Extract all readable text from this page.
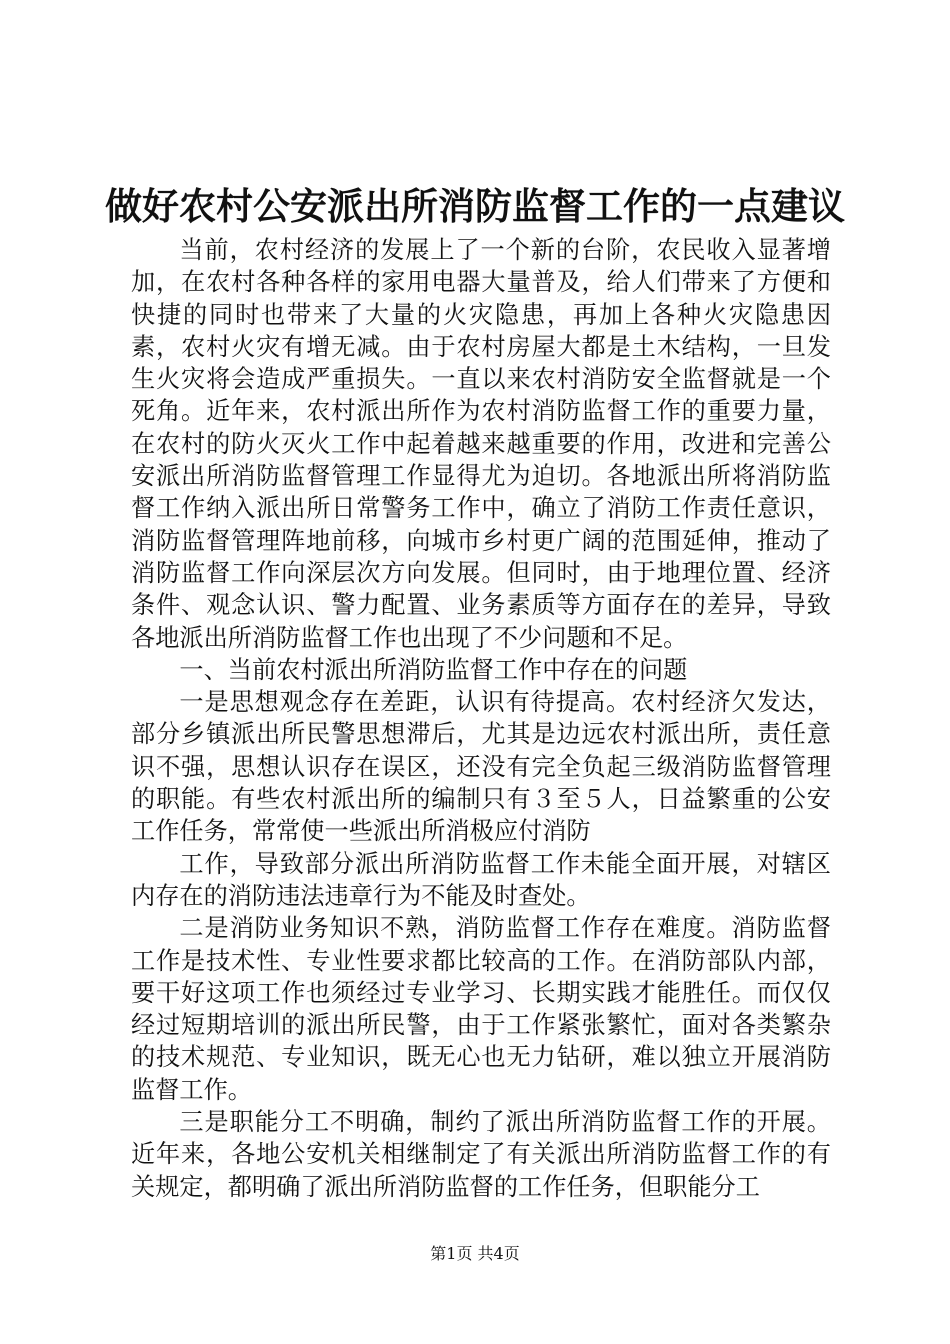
做好农村公安派出所消防监督工作的一点建议

当前，农村经济的发展上了一个新的台阶，农民收入显著增加，在农村各种各样的家用电器大量普及，给人们带来了方便和快捷的同时也带来了大量的火灾隐患，再加上各种火灾隐患因素，农村火灾有增无减。由于农村房屋大都是土木结构，一旦发生火灾将会造成严重损失。一直以来农村消防安全监督就是一个死角。近年来，农村派出所作为农村消防监督工作的重要力量，在农村的防火灭火工作中起着越来越重要的作用，改进和完善公安派出所消防监督管理工作显得尤为迫切。各地派出所将消防监督工作纳入派出所日常警务工作中，确立了消防工作责任意识，消防监督管理阵地前移，向城市乡村更广阔的范围延伸，推动了消防监督工作向深层次方向发展。但同时，由于地理位置、经济条件、观念认识、警力配置、业务素质等方面存在的差异，导致各地派出所消防监督工作也出现了不少问题和不足。

一、当前农村派出所消防监督工作中存在的问题

一是思想观念存在差距，认识有待提高。农村经济欠发达，部分乡镇派出所民警思想滞后，尤其是边远农村派出所，责任意识不强，思想认识存在误区，还没有完全负起三级消防监督管理的职能。有些农村派出所的编制只有３至５人，日益繁重的公安工作任务，常常使一些派出所消极应付消防

工作，导致部分派出所消防监督工作未能全面开展，对辖区内存在的消防违法违章行为不能及时查处。

二是消防业务知识不熟，消防监督工作存在难度。消防监督工作是技术性、专业性要求都比较高的工作。在消防部队内部，要干好这项工作也须经过专业学习、长期实践才能胜任。而仅仅经过短期培训的派出所民警，由于工作紧张繁忙，面对各类繁杂的技术规范、专业知识，既无心也无力钻研，难以独立开展消防监督工作。

三是职能分工不明确，制约了派出所消防监督工作的开展。近年来，各地公安机关相继制定了有关派出所消防监督工作的有关规定，都明确了派出所消防监督的工作任务，但职能分工

第1页 共4页
